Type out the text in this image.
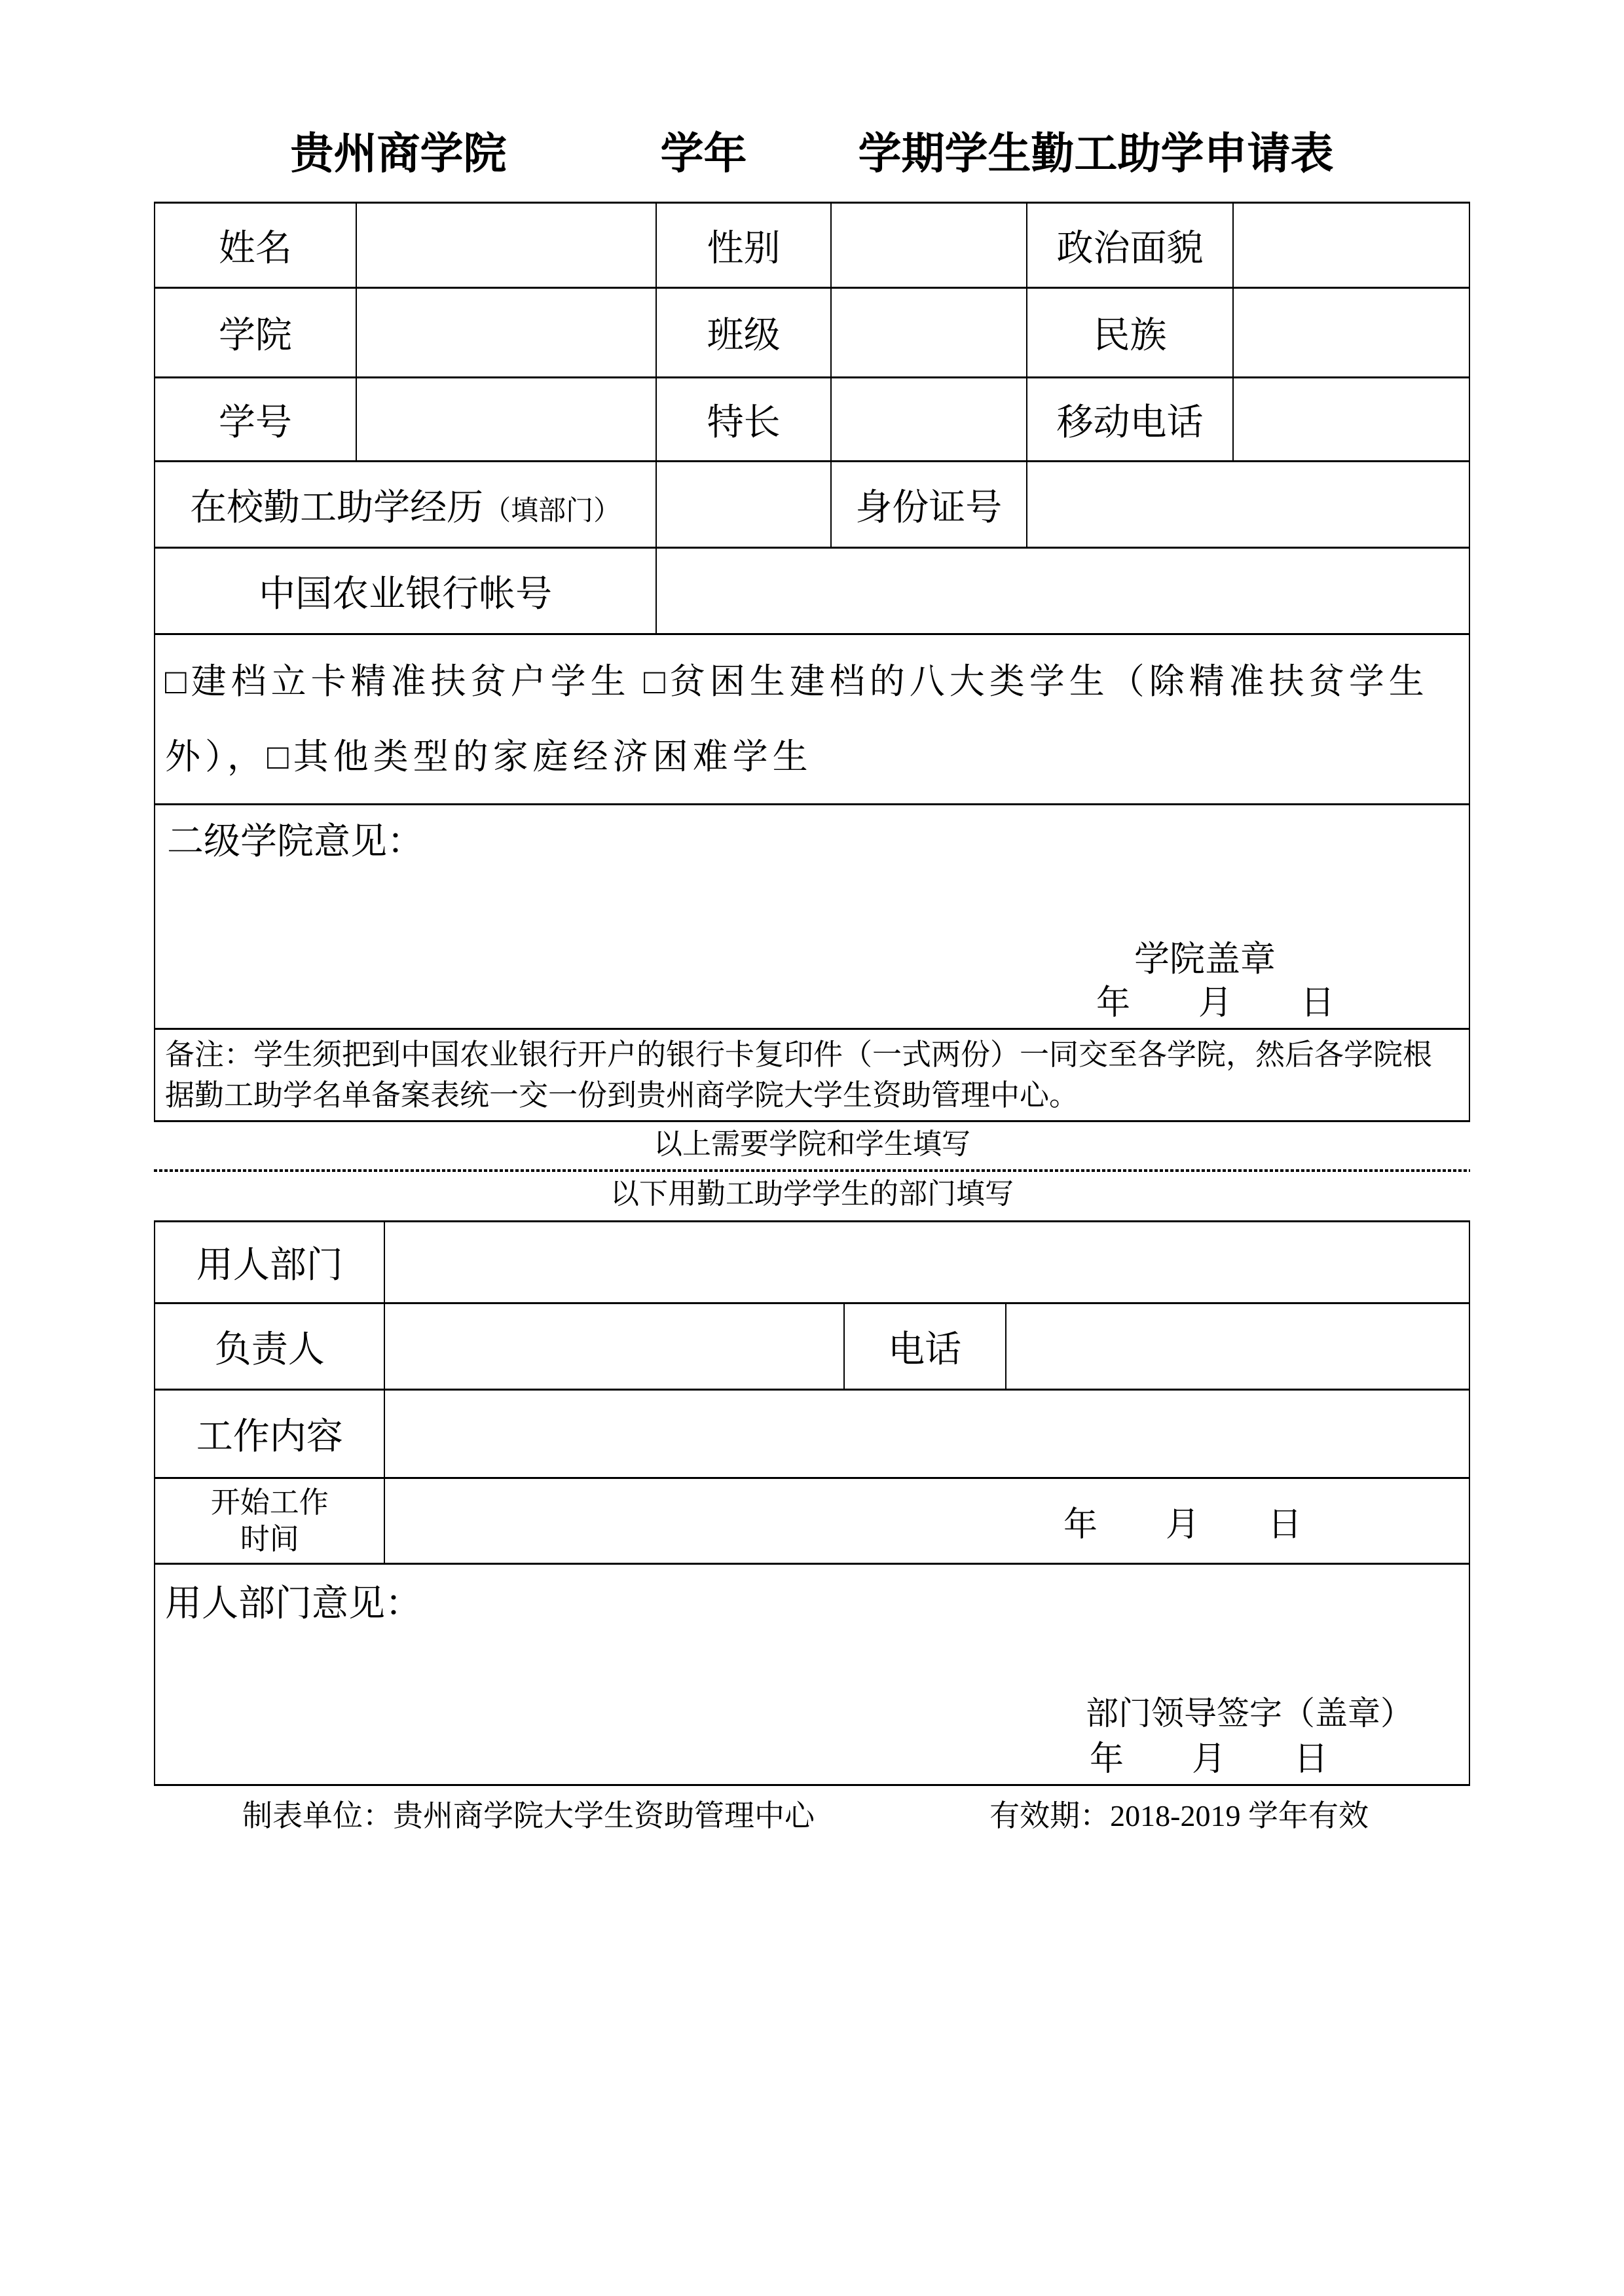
贵州商学院	学年	学期学生勤工助学申请表
姓名		性别		政治面貌	
学院		班级		民族	
学号		特长		移动电话	
在校勤工助学经历（填部门）			身份证号		
中国农业银行帐号					
□建档立卡精准扶贫户学生 □贫困生建档的八大类学生（除精准扶贫学生外），□其他类型的家庭经济困难学生					

二级学院意见：
学院盖章
年　　月　　日					

备注：学生须把到中国农业银行开户的银行卡复印件（一式两份）一同交至各学院，然后各学院根据勤工助学名单备案表统一交一份到贵州商学院大学生资助管理中心。					
以上需要学院和学生填写
以下用勤工助学学生的部门填写
用人部门			
负责人		电话	
工作内容			

开始工作
时间	年　　月　　日		

用人部门意见：
部门领导签字（盖章）
年　　月　　日			
制表单位：贵州商学院大学生资助管理中心	有效期：2018-2019 学年有效
